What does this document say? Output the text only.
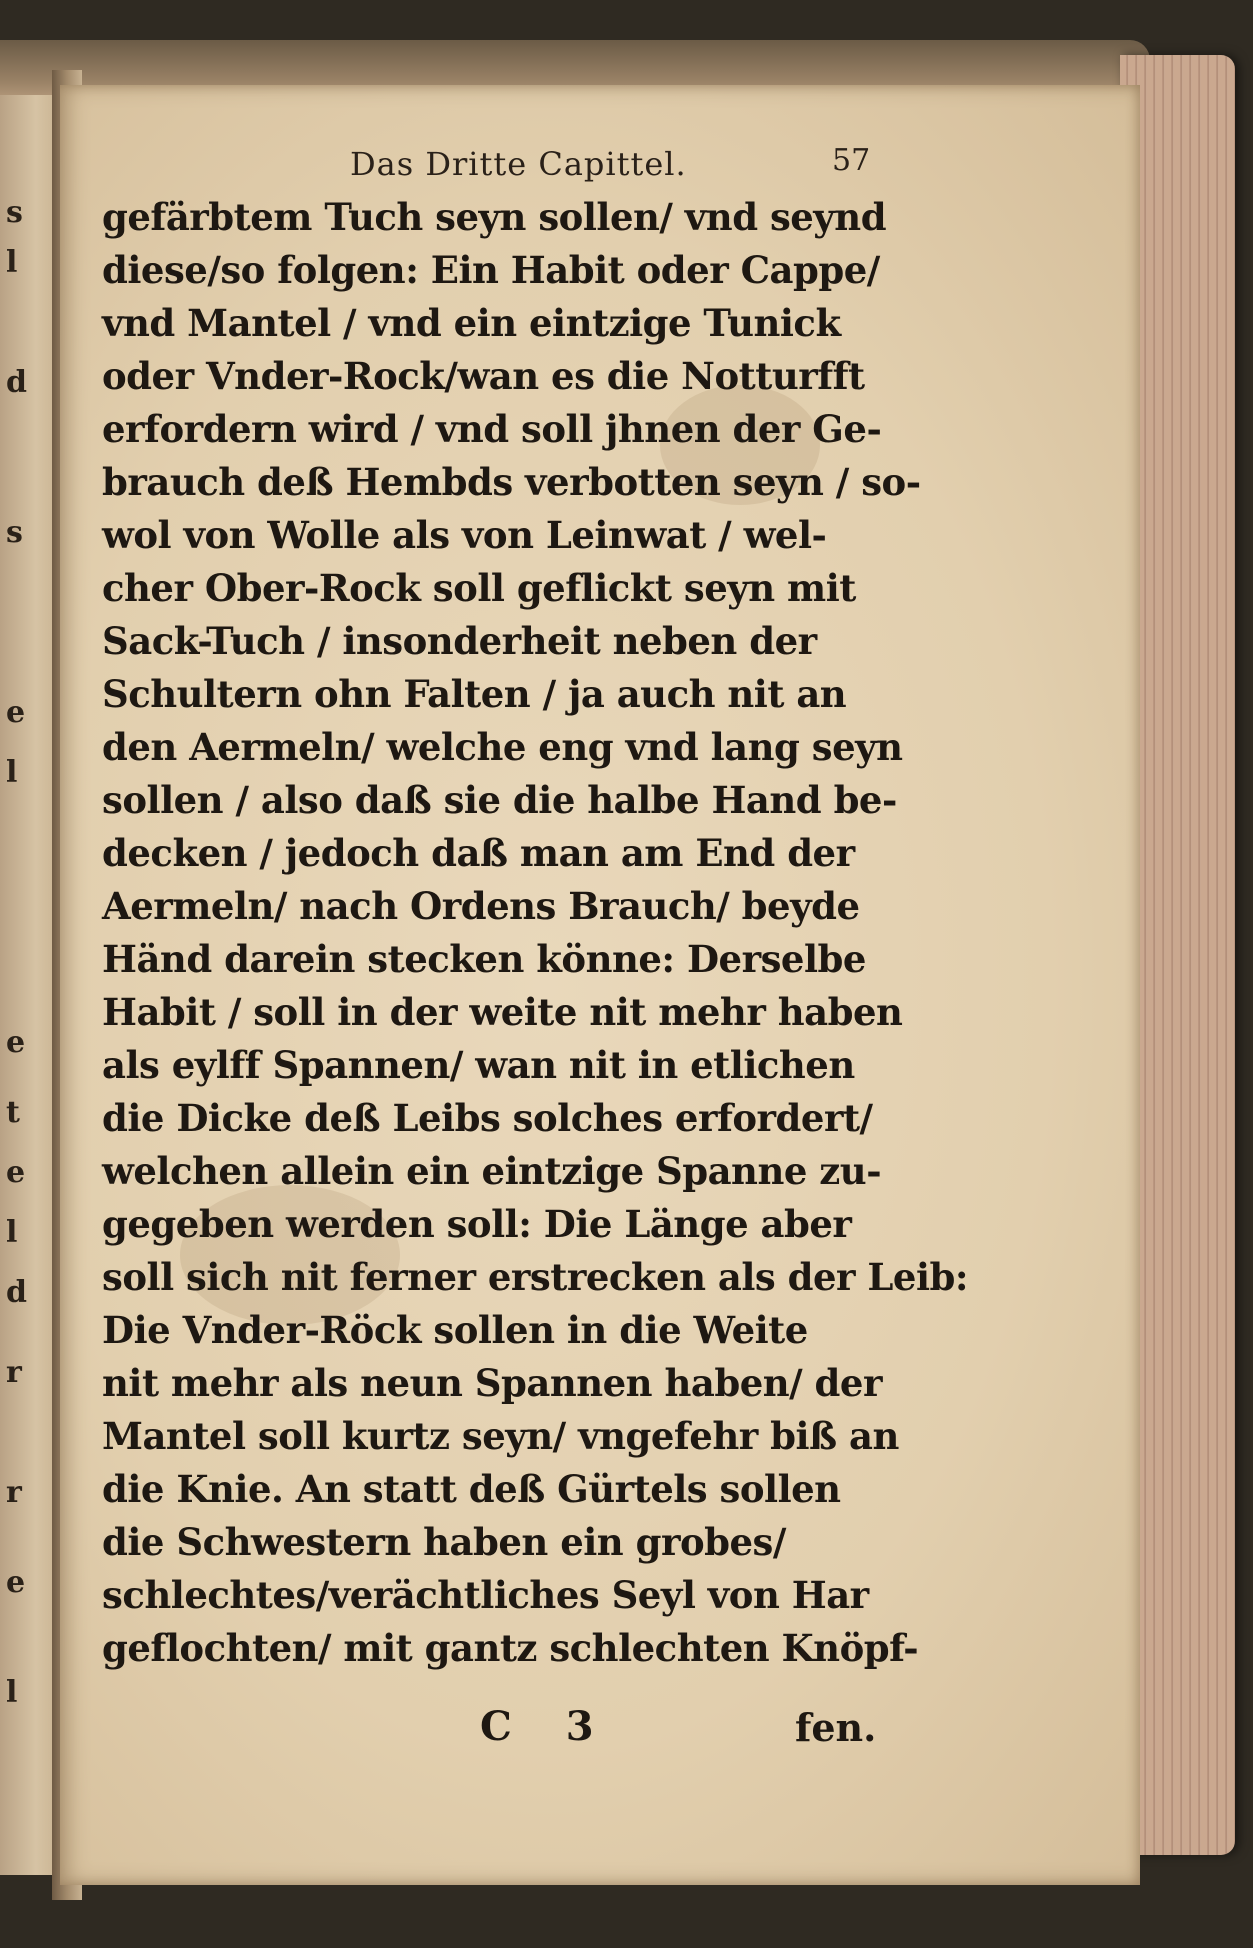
s
l
d
s
e
l
e
t
e
l
d
r
r
e
l
Das Dritte Capittel.	57
gefärbtem Tuch seyn sollen/ vnd seynd
diese/so folgen: Ein Habit oder Cappe/
vnd Mantel / vnd ein eintzige Tunick
oder Vnder-Rock/wan es die Notturfft
erfordern wird / vnd soll jhnen der Ge-
brauch deß Hembds verbotten seyn / so-
wol von Wolle als von Leinwat / wel-
cher Ober-Rock soll geflickt seyn mit
Sack-Tuch / insonderheit neben der
Schultern ohn Falten / ja auch nit an
den Aermeln/ welche eng vnd lang seyn
sollen / also daß sie die halbe Hand be-
decken / jedoch daß man am End der
Aermeln/ nach Ordens Brauch/ beyde
Händ darein stecken könne: Derselbe
Habit / soll in der weite nit mehr haben
als eylff Spannen/ wan nit in etlichen
die Dicke deß Leibs solches erfordert/
welchen allein ein eintzige Spanne zu-
gegeben werden soll: Die Länge aber
soll sich nit ferner erstrecken als der Leib:
Die Vnder-Röck sollen in die Weite
nit mehr als neun Spannen haben/ der
Mantel soll kurtz seyn/ vngefehr biß an
die Knie. An statt deß Gürtels sollen
die Schwestern haben ein grobes/
schlechtes/verächtliches Seyl von Har
geflochten/ mit gantz schlechten Knöpf-
C 3	fen.
